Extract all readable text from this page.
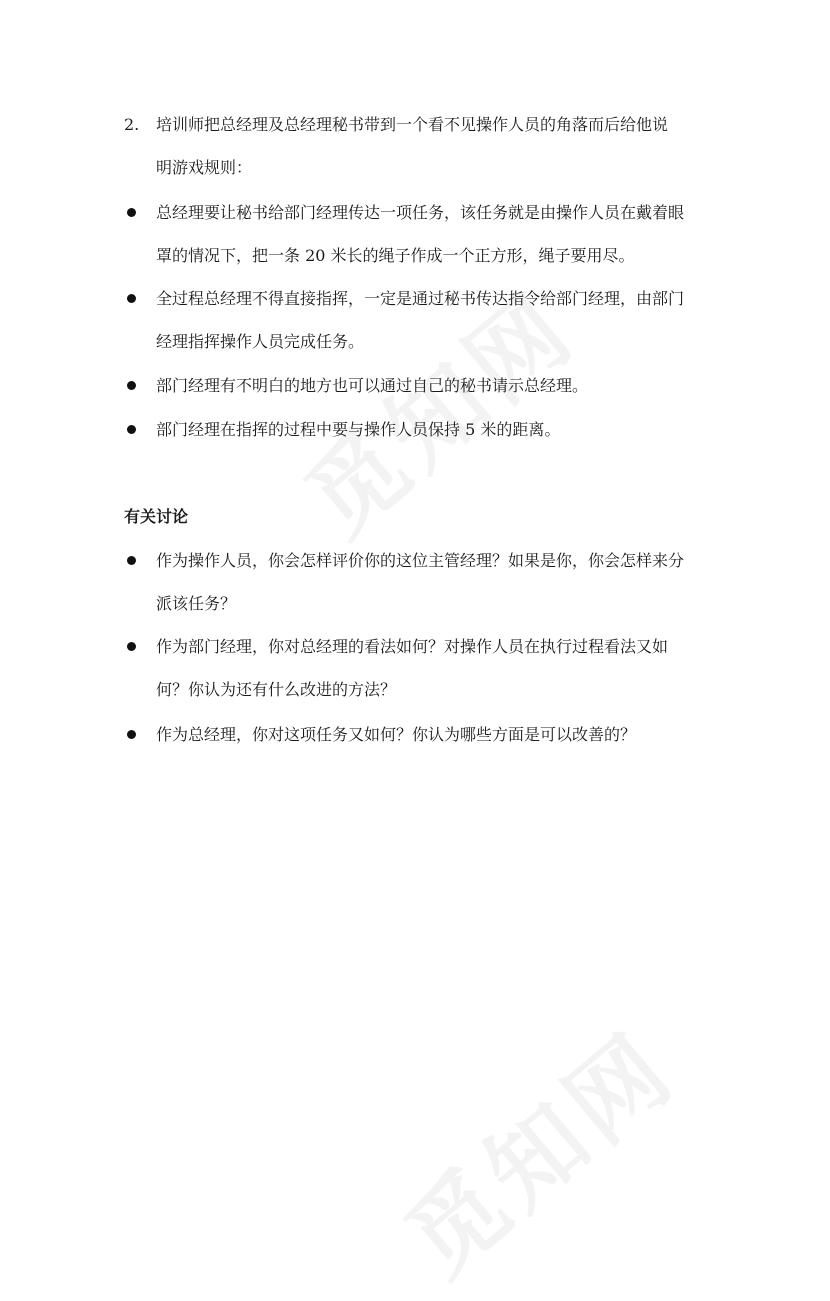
2. 培训师把总经理及总经理秘书带到一个看不见操作人员的角落而后给他说
明游戏规则：
总经理要让秘书给部门经理传达一项任务，该任务就是由操作人员在戴着眼
罩的情况下，把一条 20 米长的绳子作成一个正方形，绳子要用尽。
全过程总经理不得直接指挥，一定是通过秘书传达指令给部门经理，由部门
经理指挥操作人员完成任务。
部门经理有不明白的地方也可以通过自己的秘书请示总经理。
部门经理在指挥的过程中要与操作人员保持 5 米的距离。
有关讨论
作为操作人员，你会怎样评价你的这位主管经理？如果是你，你会怎样来分
派该任务？
作为部门经理，你对总经理的看法如何？对操作人员在执行过程看法又如
何？你认为还有什么改进的方法？
作为总经理，你对这项任务又如何？你认为哪些方面是可以改善的？
